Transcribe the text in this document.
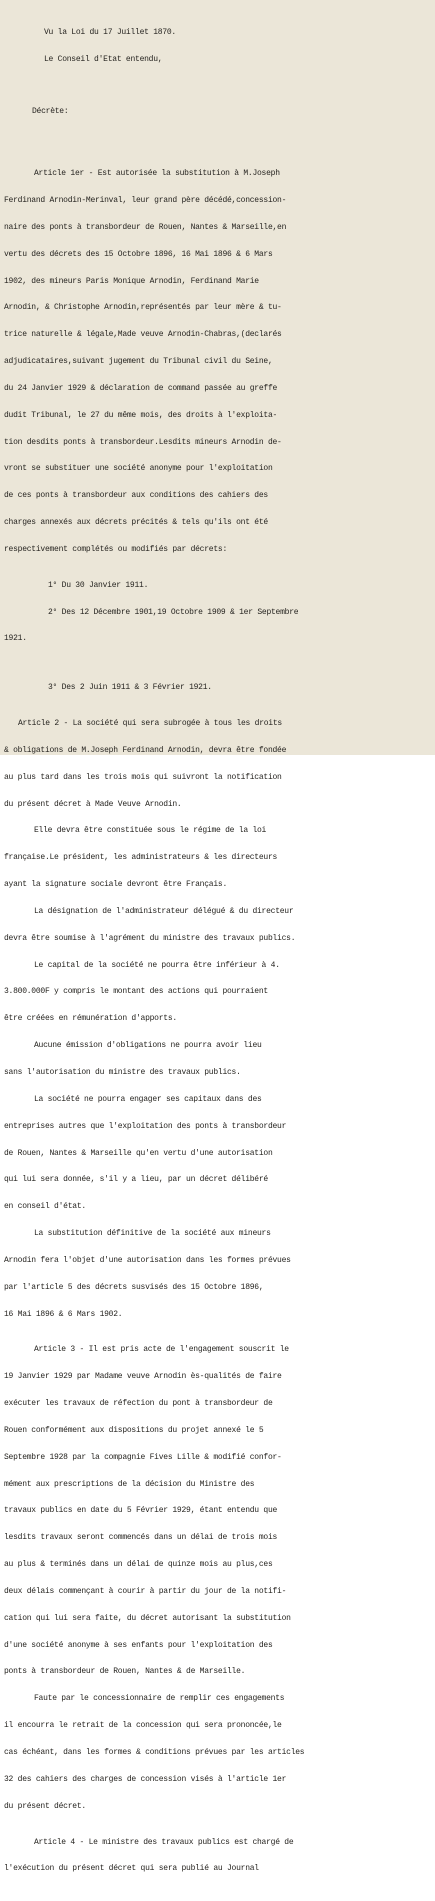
Vu la Loi du 17 Juillet 1870.

Le Conseil d'Etat entendu,

Décrète:

Article 1er - Est autorisée la substitution à M.Joseph

Ferdinand Arnodin-Merinval, leur grand père décédé,concession-

naire des ponts à transbordeur de Rouen, Nantes & Marseille,en

vertu des décrets des 15 Octobre 1896, 16 Mai 1896 & 6 Mars

1902, des mineurs Paris Monique Arnodin, Ferdinand Marie

Arnodin, & Christophe Arnodin,représentés par leur mère & tu-

trice naturelle & légale,Made veuve Arnodin-Chabras,(declarés

adjudicataires,suivant jugement du Tribunal civil du Seine,

du 24 Janvier 1929 & déclaration de command passée au greffe

dudit Tribunal, le 27 du même mois, des droits à l'exploita-

tion desdits ponts à transbordeur.Lesdits mineurs Arnodin de-

vront se substituer une société anonyme pour l'exploitation

de ces ponts à transbordeur aux conditions des cahiers des

charges annexés aux décrets précités & tels qu'ils ont été

respectivement complétés ou modifiés par décrets:

1° Du 30 Janvier 1911.

2° Des 12 Décembre 1901,19 Octobre 1909 & 1er Septembre

1921.

3° Des 2 Juin 1911 & 3 Février 1921.

Article 2 - La société qui sera subrogée à tous les droits

& obligations de M.Joseph Ferdinand Arnodin, devra être fondée

au plus tard dans les trois mois qui suivront la notification

du présent décret à Made Veuve Arnodin.

Elle devra être constituée sous le régime de la loi

française.Le président, les administrateurs & les directeurs

ayant la signature sociale devront être Français.

La désignation de l'administrateur délégué & du directeur

devra être soumise à l'agrément du ministre des travaux publics.

Le capital de la société ne pourra être inférieur à 4.

3.800.000F y compris le montant des actions qui pourraient

être créées en rémunération d'apports.

Aucune émission d'obligations ne pourra avoir lieu

sans l'autorisation du ministre des travaux publics.

La société ne pourra engager ses capitaux dans des

entreprises autres que l'exploitation des ponts à transbordeur

de Rouen, Nantes & Marseille qu'en vertu d'une autorisation

qui lui sera donnée, s'il y a lieu, par un décret délibéré

en conseil d'état.

La substitution définitive de la société aux mineurs

Arnodin fera l'objet d'une autorisation dans les formes prévues

par l'article 5 des décrets susvisés des 15 Octobre 1896,

16 Mai 1896 & 6 Mars 1902.

Article 3 - Il est pris acte de l'engagement souscrit le

19 Janvier 1929 par Madame veuve Arnodin ès-qualités de faire

exécuter les travaux de réfection du pont à transbordeur de

Rouen conformément aux dispositions du projet annexé le 5

Septembre 1928 par la compagnie Fives Lille & modifié confor-

mément aux prescriptions de la décision du Ministre des

travaux publics en date du 5 Février 1929, étant entendu que

lesdits travaux seront commencés dans un délai de trois mois

au plus & terminés dans un délai de quinze mois au plus,ces

deux délais commençant à courir à partir du jour de la notifi-

cation qui lui sera faite, du décret autorisant la substitution

d'une société anonyme à ses enfants pour l'exploitation des

ponts à transbordeur de Rouen, Nantes & de Marseille.

Faute par le concessionnaire de remplir ces engagements

il encourra le retrait de la concession qui sera prononcée,le

cas échéant, dans les formes & conditions prévues par les articles

32 des cahiers des charges de concession visés à l'article 1er

du présent décret.

Article 4 - Le ministre des travaux publics est chargé de

l'exécution du présent décret qui sera publié au Journal
